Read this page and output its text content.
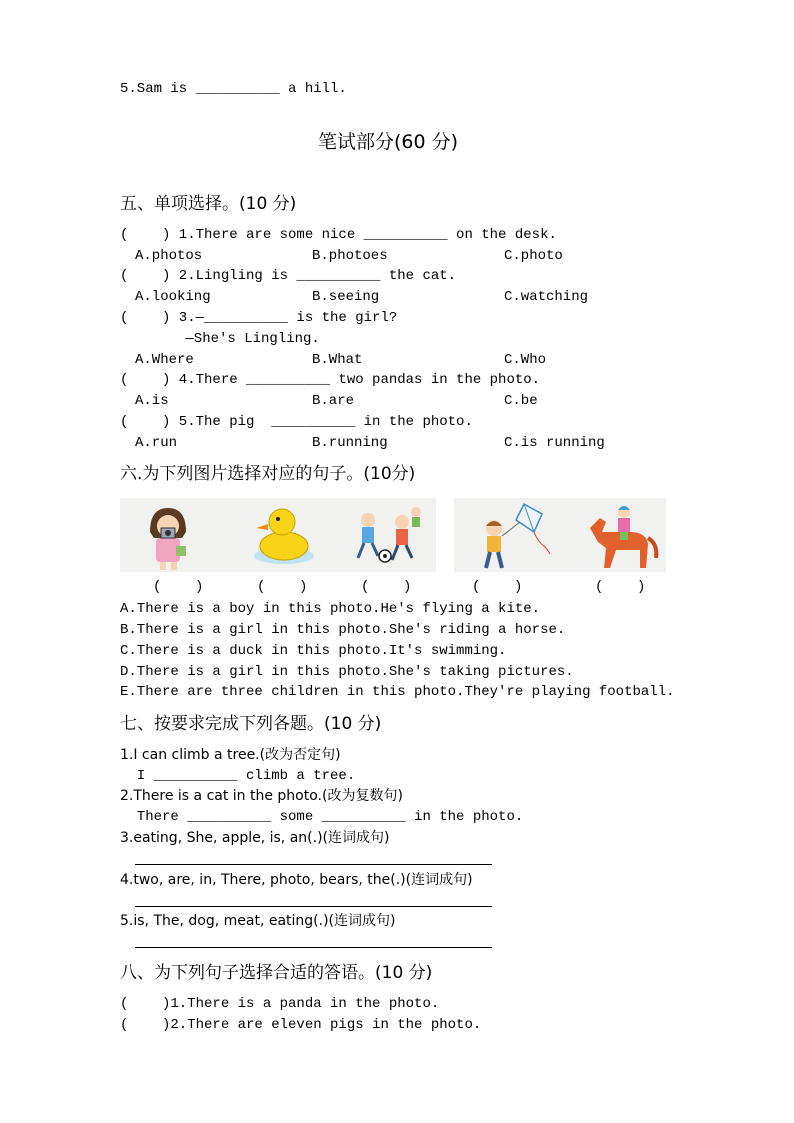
5.Sam is __________ a hill.
笔试部分(60 分)
五、单项选择。(10 分)
(    ) 1.There are some nice __________ on the desk.
A.photos	B.photoes	C.photo
(    ) 2.Lingling is __________ the cat.
A.looking	B.seeing	C.watching
(    ) 3.—__________ is the girl?
—She's Lingling.
A.Where	B.What	C.Who
(    ) 4.There __________ two pandas in the photo.
A.is	B.are	C.be
(    ) 5.The pig  __________ in the photo.
A.run	B.running	C.is running
六.为下列图片选择对应的句子。(10分)
(    )	(    )	(    )	(    )	(    )
A.There is a boy in this photo.He's flying a kite.
B.There is a girl in this photo.She's riding a horse.
C.There is a duck in this photo.It's swimming.
D.There is a girl in this photo.She's taking pictures.
E.There are three children in this photo.They're playing football.
七、按要求完成下列各题。(10 分)
1.I can climb a tree.(改为否定句)
I __________ climb a tree.
2.There is a cat in the photo.(改为复数句)
There __________ some __________ in the photo.
3.eating, She, apple, is, an(.)(连词成句)
4.two, are, in, There, photo, bears, the(.)(连词成句)
5.is, The, dog, meat, eating(.)(连词成句)
八、为下列句子选择合适的答语。(10 分)
(    )1.There is a panda in the photo.
(    )2.There are eleven pigs in the photo.
